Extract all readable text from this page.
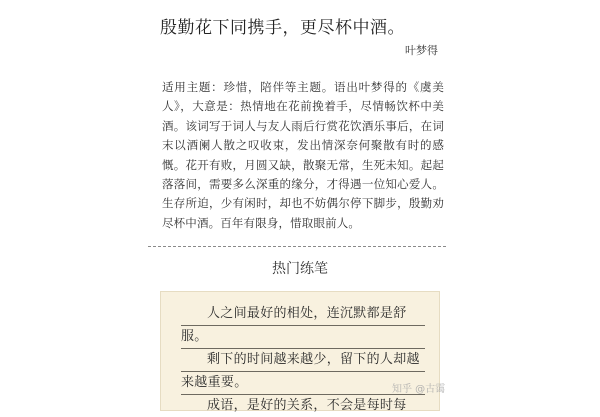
殷勤花下同携手，更尽杯中酒。
叶梦得
适用主题：珍惜，陪伴等主题。语出叶梦得的《虞美人》，大意是：热情地在花前挽着手，尽情畅饮杯中美酒。该词写于词人与友人雨后行赏花饮酒乐事后，在词末以酒阑人散之叹收束，发出情深奈何聚散有时的感慨。花开有败，月圆又缺，散聚无常，生死未知。起起落落间，需要多么深重的缘分，才得遇一位知心爱人。生存所迫，少有闲时，却也不妨偶尔停下脚步，殷勤劝尽杯中酒。百年有限身，惜取眼前人。
热门练笔

人之间最好的相处，连沉默都是舒服。

剩下的时间越来越少，留下的人却越来越重要。

成语，是好的关系，不会是每时每

知乎 @古霭
